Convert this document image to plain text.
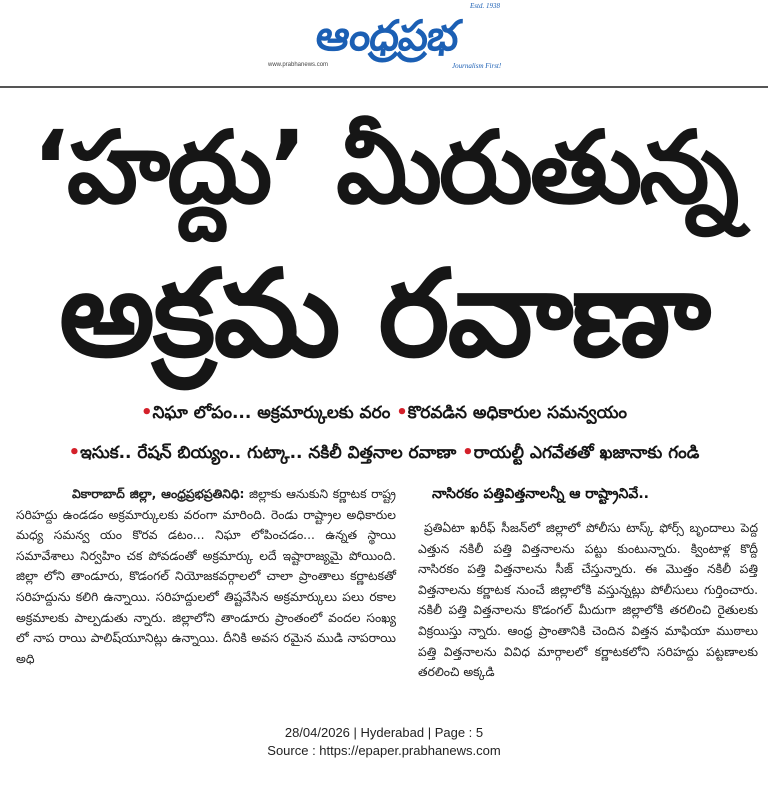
Estd. 1938
ఆంధ్రప్రభ
www.prabhanews.com	Journalism First!
‘హద్దు’ మీరుతున్న
అక్రమ రవాణా
•నిఘా లోపం... అక్రమార్కులకు వరం •కొరవడిన అధికారుల సమన్వయం
•ఇసుక.. రేషన్ బియ్యం.. గుట్కా.. నకిలీ విత్తనాల రవాణా •రాయల్టీ ఎగవేతతో ఖజానాకు గండి

వికారాబాద్ జిల్లా, ఆంధ్రప్రభప్రతినిధి: జిల్లాకు ఆనుకుని కర్ణాటక రాష్ట్ర సరిహద్దు ఉండడం అక్రమార్కులకు వరంగా మారింది. రెండు రాష్ట్రాల అధికారుల మధ్య సమన్వ యం కొరవ డటం... నిఘా లోపించడం... ఉన్నత స్థాయి సమావేశాలు నిర్వహిం చక పోవడంతో అక్రమార్కు లదే ఇష్టారాజ్యమై పోయింది. జిల్లా లోని తాండూరు, కొడంగల్ నియోజకవర్గాలలో చాలా ప్రాంతాలు కర్ణాటకతో సరిహద్దును కలిగి ఉన్నాయి. సరిహద్దులలో తిష్టవేసిన అక్రమార్కులు పలు రకాల అక్రమాలకు పాల్పడుతు న్నారు. జిల్లాలోని తాండూరు ప్రాంతంలో వందల సంఖ్య లో నాప రాయి పాలిష్‌యూనిట్లు ఉన్నాయి. దీనికి అవస రమైన ముడి నాపరాయి అధి

నాసిరకం పత్తివిత్తనాలన్నీ ఆ రాష్ట్రానివే..

ప్రతిఏటా ఖరీఫ్ సీజన్‌లో జిల్లాలో పోలీసు టాస్క్ ఫోర్స్ బృందాలు పెద్ద ఎత్తున నకిలీ పత్తి విత్తనాలను పట్టు కుంటున్నారు. క్వింటాళ్ల కొద్దీ నాసిరకం పత్తి విత్తనాలను సీజ్ చేస్తున్నారు. ఈ మొత్తం నకిలీ పత్తి విత్తనాలను కర్ణాటక నుంచే జిల్లాలోకి వస్తున్నట్లు పోలీసులు గుర్తించారు. నకిలీ పత్తి విత్తనాలను కొడంగల్ మీదుగా జిల్లాలోకి తరలించి రైతులకు విక్రయిస్తు న్నారు. ఆంధ్ర ప్రాంతానికి చెందిన విత్తన మాఫియా ముఠాలు పత్తి విత్తనాలను వివిధ మార్గాలలో కర్ణాటకలోని సరిహద్దు పట్టణాలకు తరలించి అక్కడి

28/04/2026 | Hyderabad | Page : 5
Source : https://epaper.prabhanews.com
